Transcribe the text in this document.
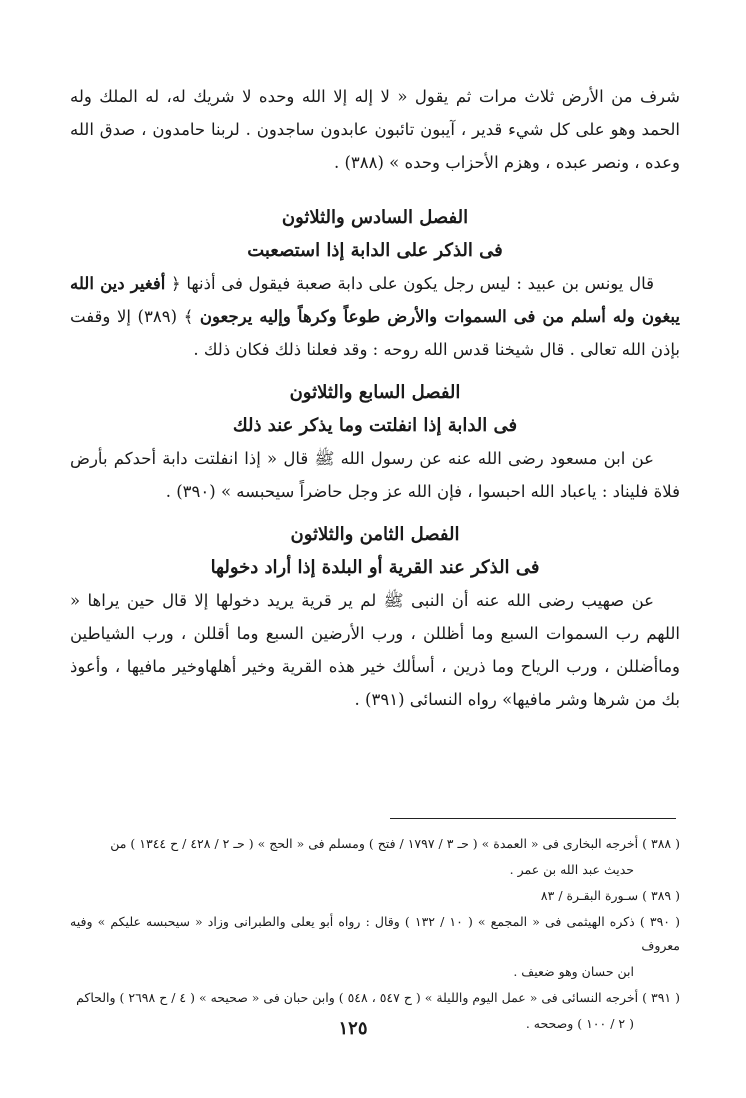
شرف من الأرض ثلاث مرات ثم يقول « لا إله إلا الله وحده لا شريك له، له الملك وله الحمد وهو على كل شيء قدير ، آيبون تائبون عابدون ساجدون . لربنا حامدون ، صدق الله وعده ، ونصر عبده ، وهزم الأحزاب وحده » (٣٨٨) .

الفصل السادس والثلاثون

فى الذكر على الدابة إذا استصعبت

قال يونس بن عبيد : ليس رجل يكون على دابة صعبة فيقول فى أذنها ﴿ أفغير دين الله يبغون وله أسلم من فى السموات والأرض طوعاً وكرهاً وإليه يرجعون ﴾ (٣٨٩) إلا وقفت بإذن الله تعالى . قال شيخنا قدس الله روحه : وقد فعلنا ذلك فكان ذلك .

الفصل السابع والثلاثون

فى الدابة إذا انفلتت وما يذكر عند ذلك

عن ابن مسعود رضى الله عنه عن رسول الله ﷺ قال « إذا انفلتت دابة أحدكم بأرض فلاة فليناد : ياعباد الله احبسوا ، فإن الله عز وجل حاضراً سيحبسه » (٣٩٠) .

الفصل الثامن والثلاثون

فى الذكر عند القرية أو البلدة إذا أراد دخولها

عن صهيب رضى الله عنه أن النبى ﷺ لم ير قرية يريد دخولها إلا قال حين يراها « اللهم رب السموات السبع وما أظللن ، ورب الأرضين السبع وما أقللن ، ورب الشياطين وماأضللن ، ورب الرياح وما ذرين ، أسألك خير هذه القرية وخير أهلهاوخير مافيها ، وأعوذ بك من شرها وشر مافيها» رواه النسائى (٣٩١) .

( ٣٨٨ ) أخرجه البخارى فى « العمدة » ( حـ ٣ / ١٧٩٧ / فتح ) ومسلم فى « الحج » ( حـ ٢ / ٤٢٨ / ح ١٣٤٤ ) من

حديث عبد الله بن عمر .

( ٣٨٩ ) سـورة البقـرة / ٨٣

( ٣٩٠ ) ذكره الهيثمى فى « المجمع » ( ١٠ / ١٣٢ ) وقال : رواه أبو يعلى والطبرانى وزاد « سيحبسه عليكم » وفيه معروف

ابن حسان وهو ضعيف .

( ٣٩١ ) أخرجه النسائى فى « عمل اليوم والليلة » ( ح ٥٤٧ ، ٥٤٨ ) وابن حبان فى « صحيحه » ( ٤ / ح ٢٦٩٨ ) والحاكم

( ٢ / ١٠٠ ) وصححه .

١٢٥
